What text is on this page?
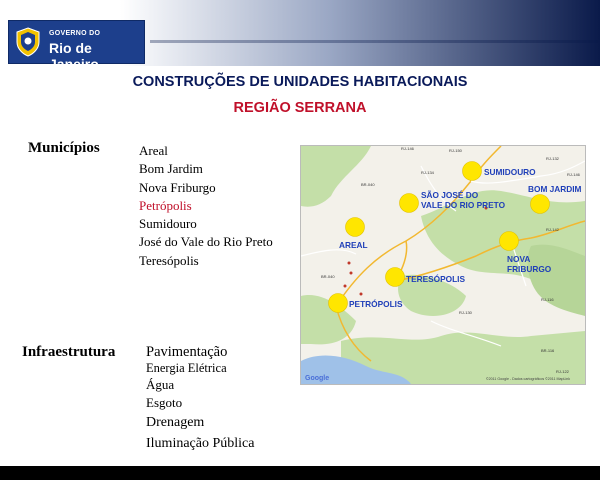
GOVERNO DO
Rio de Janeiro
CONSTRUÇÕES DE UNIDADES HABITACIONAIS
REGIÃO SERRANA
Municípios	Areal
Bom Jardim
Nova Friburgo
Petrópolis
Sumidouro
José do Vale do Rio Preto
Teresópolis
Infraestrutura Pavimentação
Energia Elétrica
Água
Esgoto
Drenagem
Iluminação Pública
RJ-146	RJ-150
RJ-132
RJ-146
BR-040
RJ-134
RJ-142
RJ-116
RJ-130
BR-116
RJ-122
BR-040
SUMIDOURO
SÃO JOSÉ DO
VALE DO RIO PRETO
BOM JARDIM
AREAL
NOVA
FRIBURGO
TERESÓPOLIS
PETRÓPOLIS
Google	©2011 Google - Dados cartográficos ©2011 MapLink
